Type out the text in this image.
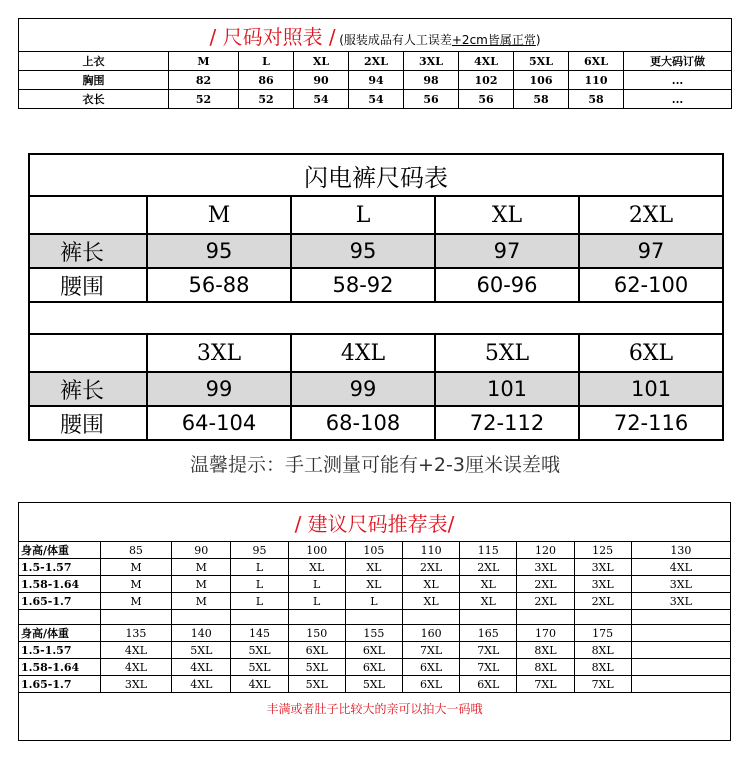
/ 尺码对照表 / (服装成品有人工误差+2cm皆属正常)									
上衣	M	L	XL	2XL	3XL	4XL	5XL	6XL	更大码订做
胸围	82	86	90	94	98	102	106	110	...
衣长	52	52	54	54	56	56	58	58	...
闪电裤尺码表				
	M	L	XL	2XL
裤长	95	95	97	97
腰围	56-88	58-92	60-96	62-100

	3XL	4XL	5XL	6XL
裤长	99	99	101	101
腰围	64-104	68-108	72-112	72-116
温馨提示：手工测量可能有+2-3厘米误差哦
/ 建议尺码推荐表/										
身高/体重	85	90	95	100	105	110	115	120	125	130
1.5-1.57	M	M	L	XL	XL	2XL	2XL	3XL	3XL	4XL
1.58-1.64	M	M	L	L	XL	XL	XL	2XL	3XL	3XL
1.65-1.7	M	M	L	L	L	XL	XL	2XL	2XL	3XL

身高/体重	135	140	145	150	155	160	165	170	175	
1.5-1.57	4XL	5XL	5XL	6XL	6XL	7XL	7XL	8XL	8XL	
1.58-1.64	4XL	4XL	5XL	5XL	6XL	6XL	7XL	8XL	8XL	
1.65-1.7	3XL	4XL	4XL	5XL	5XL	6XL	6XL	7XL	7XL	
丰满或者肚子比较大的亲可以拍大一码哦										
